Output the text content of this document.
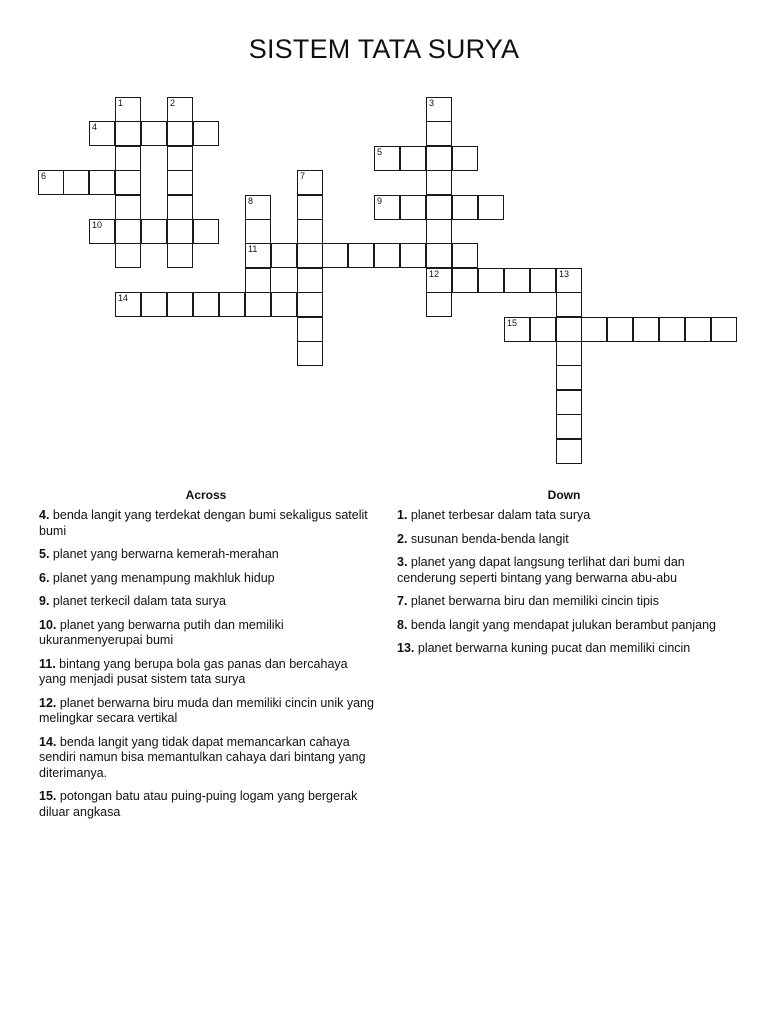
SISTEM TATA SURYA
1	2	3
12
4
5
6	7
8
11
9
10
13
14
15
Across	Down
4. benda langit yang terdekat dengan bumi sekaligus satelit bumi
5. planet yang berwarna kemerah-merahan
6. planet yang menampung makhluk hidup
9. planet terkecil dalam tata surya
10. planet yang berwarna putih dan memiliki ukuranmenyerupai bumi
11. bintang yang berupa bola gas panas dan bercahaya yang menjadi pusat sistem tata surya
12. planet berwarna biru muda dan memiliki cincin unik yang melingkar secara vertikal
14. benda langit yang tidak dapat memancarkan cahaya sendiri namun bisa memantulkan cahaya dari bintang yang diterimanya.
15. potongan batu atau puing-puing logam yang bergerak diluar angkasa
1. planet terbesar dalam tata surya
2. susunan benda-benda langit
3. planet yang dapat langsung terlihat dari bumi dan cenderung seperti bintang yang berwarna abu-abu
7. planet berwarna biru dan memiliki cincin tipis
8. benda langit yang mendapat julukan berambut panjang
13. planet berwarna kuning pucat dan memiliki cincin
